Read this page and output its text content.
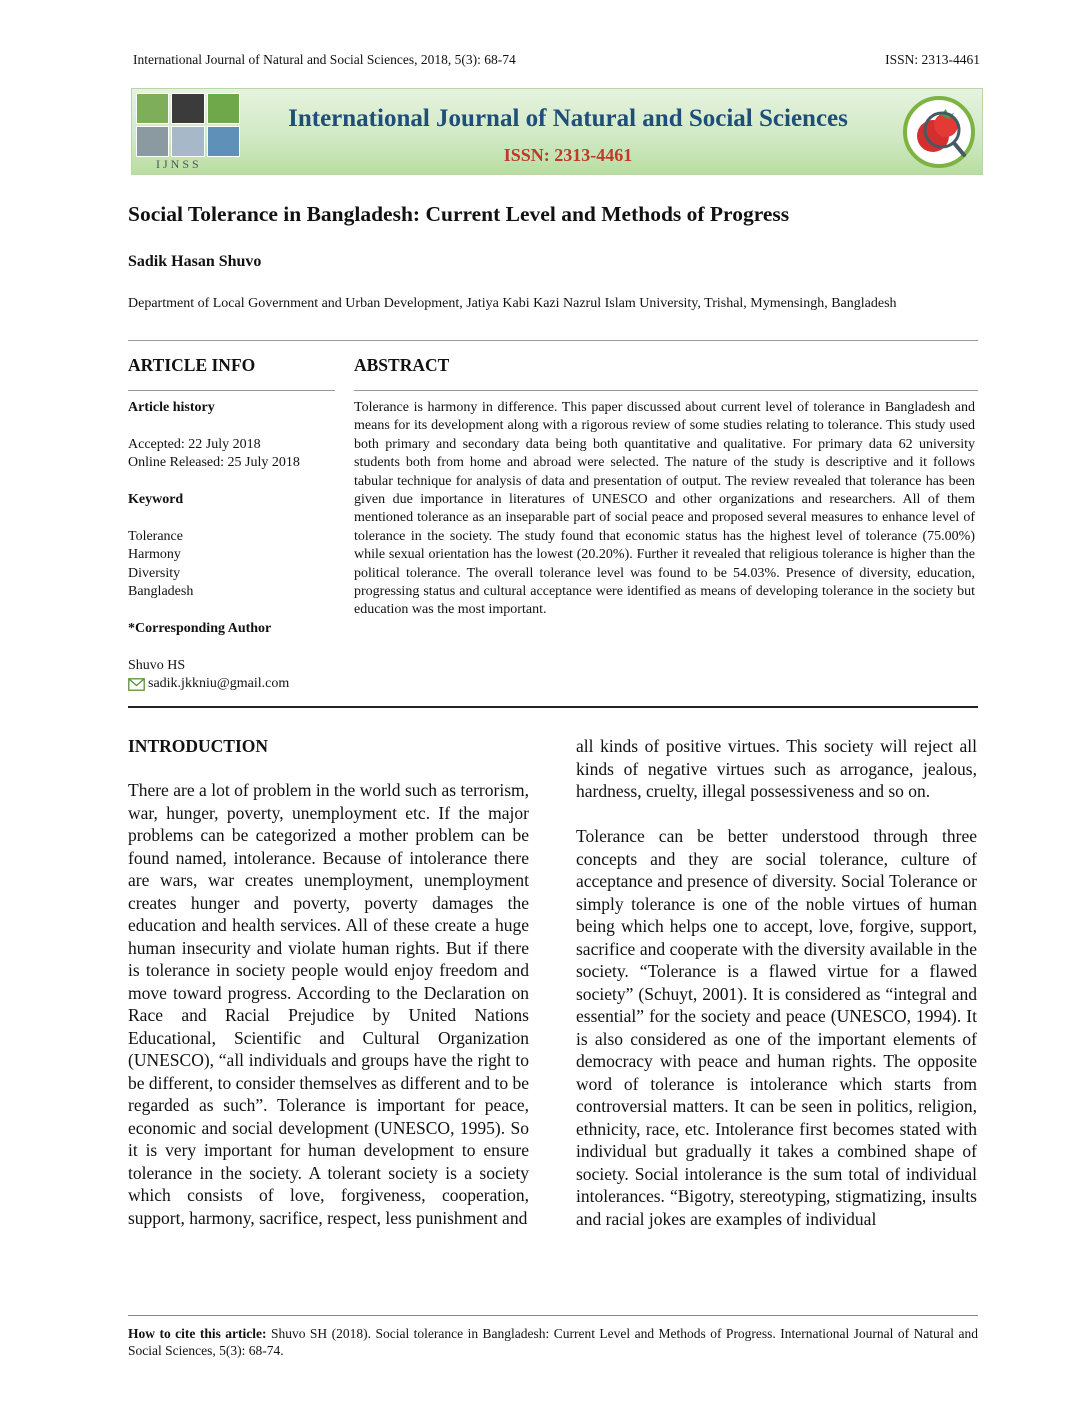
International Journal of Natural and Social Sciences, 2018, 5(3): 68-74	ISSN: 2313-4461
IJNSS
International Journal of Natural and Social Sciences
ISSN: 2313-4461
Social Tolerance in Bangladesh: Current Level and Methods of Progress
Sadik Hasan Shuvo
Department of Local Government and Urban Development, Jatiya Kabi Kazi Nazrul Islam University, Trishal, Mymensingh, Bangladesh
ARTICLE INFO	ABSTRACT
Article history
Accepted: 22 July 2018
Online Released: 25 July 2018
Keyword
Tolerance
Harmony
Diversity
Bangladesh
*Corresponding Author
Shuvo HS
sadik.jkkniu@gmail.com
Tolerance is harmony in difference. This paper discussed about current level of tolerance in Bangladesh and means for its development along with a rigorous review of some studies relating to tolerance. This study used both primary and secondary data being both quantitative and qualitative. For primary data 62 university students both from home and abroad were selected. The nature of the study is descriptive and it follows tabular technique for analysis of data and presentation of output. The review revealed that tolerance has been given due importance in literatures of UNESCO and other organizations and researchers. All of them mentioned tolerance as an inseparable part of social peace and proposed several measures to enhance level of tolerance in the society. The study found that economic status has the highest level of tolerance (75.00%) while sexual orientation has the lowest (20.20%). Further it revealed that religious tolerance is higher than the political tolerance. The overall tolerance level was found to be 54.03%. Presence of diversity, education, progressing status and cultural acceptance were identified as means of developing tolerance in the society but education was the most important.
INTRODUCTION

There are a lot of problem in the world such as terrorism, war, hunger, poverty, unemployment etc. If the major problems can be categorized a mother problem can be found named, intolerance. Because of intolerance there are wars, war creates unemployment, unemployment creates hunger and poverty, poverty damages the education and health services. All of these create a huge human insecurity and violate human rights. But if there is tolerance in society people would enjoy freedom and move toward progress. According to the Declaration on Race and Racial Prejudice by United Nations Educational, Scientific and Cultural Organization (UNESCO), “all individuals and groups have the right to be different, to consider themselves as different and to be regarded as such”. Tolerance is important for peace, economic and social development (UNESCO, 1995). So it is very important for human development to ensure tolerance in the society. A tolerant society is a society which consists of love, forgiveness, cooperation, support, harmony, sacrifice, respect, less punishment and

all kinds of positive virtues. This society will reject all kinds of negative virtues such as arrogance, jealous, hardness, cruelty, illegal possessiveness and so on.

Tolerance can be better understood through three concepts and they are social tolerance, culture of acceptance and presence of diversity. Social Tolerance or simply tolerance is one of the noble virtues of human being which helps one to accept, love, forgive, support, sacrifice and cooperate with the diversity available in the society. “Tolerance is a flawed virtue for a flawed society” (Schuyt, 2001). It is considered as “integral and essential” for the society and peace (UNESCO, 1994). It is also considered as one of the important elements of democracy with peace and human rights. The opposite word of tolerance is intolerance which starts from controversial matters. It can be seen in politics, religion, ethnicity, race, etc. Intolerance first becomes stated with individual but gradually it takes a combined shape of society. Social intolerance is the sum total of individual intolerances. “Bigotry, stereotyping, stigmatizing, insults and racial jokes are examples of individual

How to cite this article: Shuvo SH (2018). Social tolerance in Bangladesh: Current Level and Methods of Progress. International Journal of Natural and Social Sciences, 5(3): 68-74.
